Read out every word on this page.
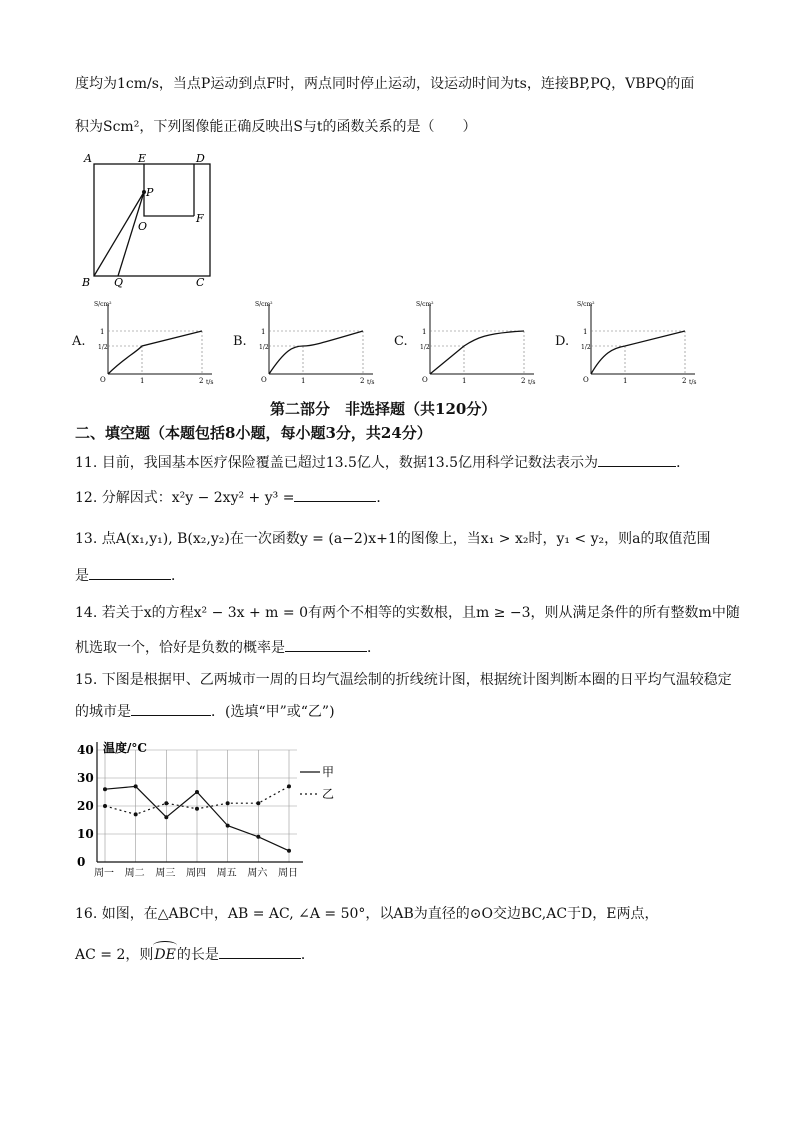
度均为1cm/s，当点P运动到点F时，两点同时停止运动，设运动时间为ts，连接BP,PQ，VBPQ的面
积为Scm²，下列图像能正确反映出S与t的函数关系的是（　　）
A	E	D
P
O
F
B Q	C
A.
S/cm²
t/s
1
1/2
O	1	2
B.
S/cm²
t/s
1
1/2
O	1	2
C.
S/cm²
t/s
1
1/2
O	1	2
D.
S/cm²
t/s
1
1/2
O	1	2
第二部分　非选择题（共120分）
二、填空题（本题包括8小题，每小题3分，共24分）
11. 目前，我国基本医疗保险覆盖已超过13.5亿人，数据13.5亿用科学记数法表示为	．
12. 分解因式：x²y − 2xy² + y³ =	．
13. 点A(x₁,y₁), B(x₂,y₂)在一次函数y = (a−2)x+1的图像上，当x₁ > x₂时，y₁ < y₂，则a的取值范围
是	．
14. 若关于x的方程x² − 3x + m = 0有两个不相等的实数根，且m ≥ −3，则从满足条件的所有整数m中随
机选取一个，恰好是负数的概率是	．
15. 下图是根据甲、乙两城市一周的日均气温绘制的折线统计图，根据统计图判断本圈的日平均气温较稳定
的城市是	．(选填“甲”或“乙”)
0
10
20
30
40
周一 周二 周三 周四 周五 周六 周日
温度/°C
甲
乙
16. 如图，在△ABC中，AB = AC, ∠A = 50°，以AB为直径的⊙O交边BC,AC于D，E两点，
AC = 2，则
DE的长是	．
